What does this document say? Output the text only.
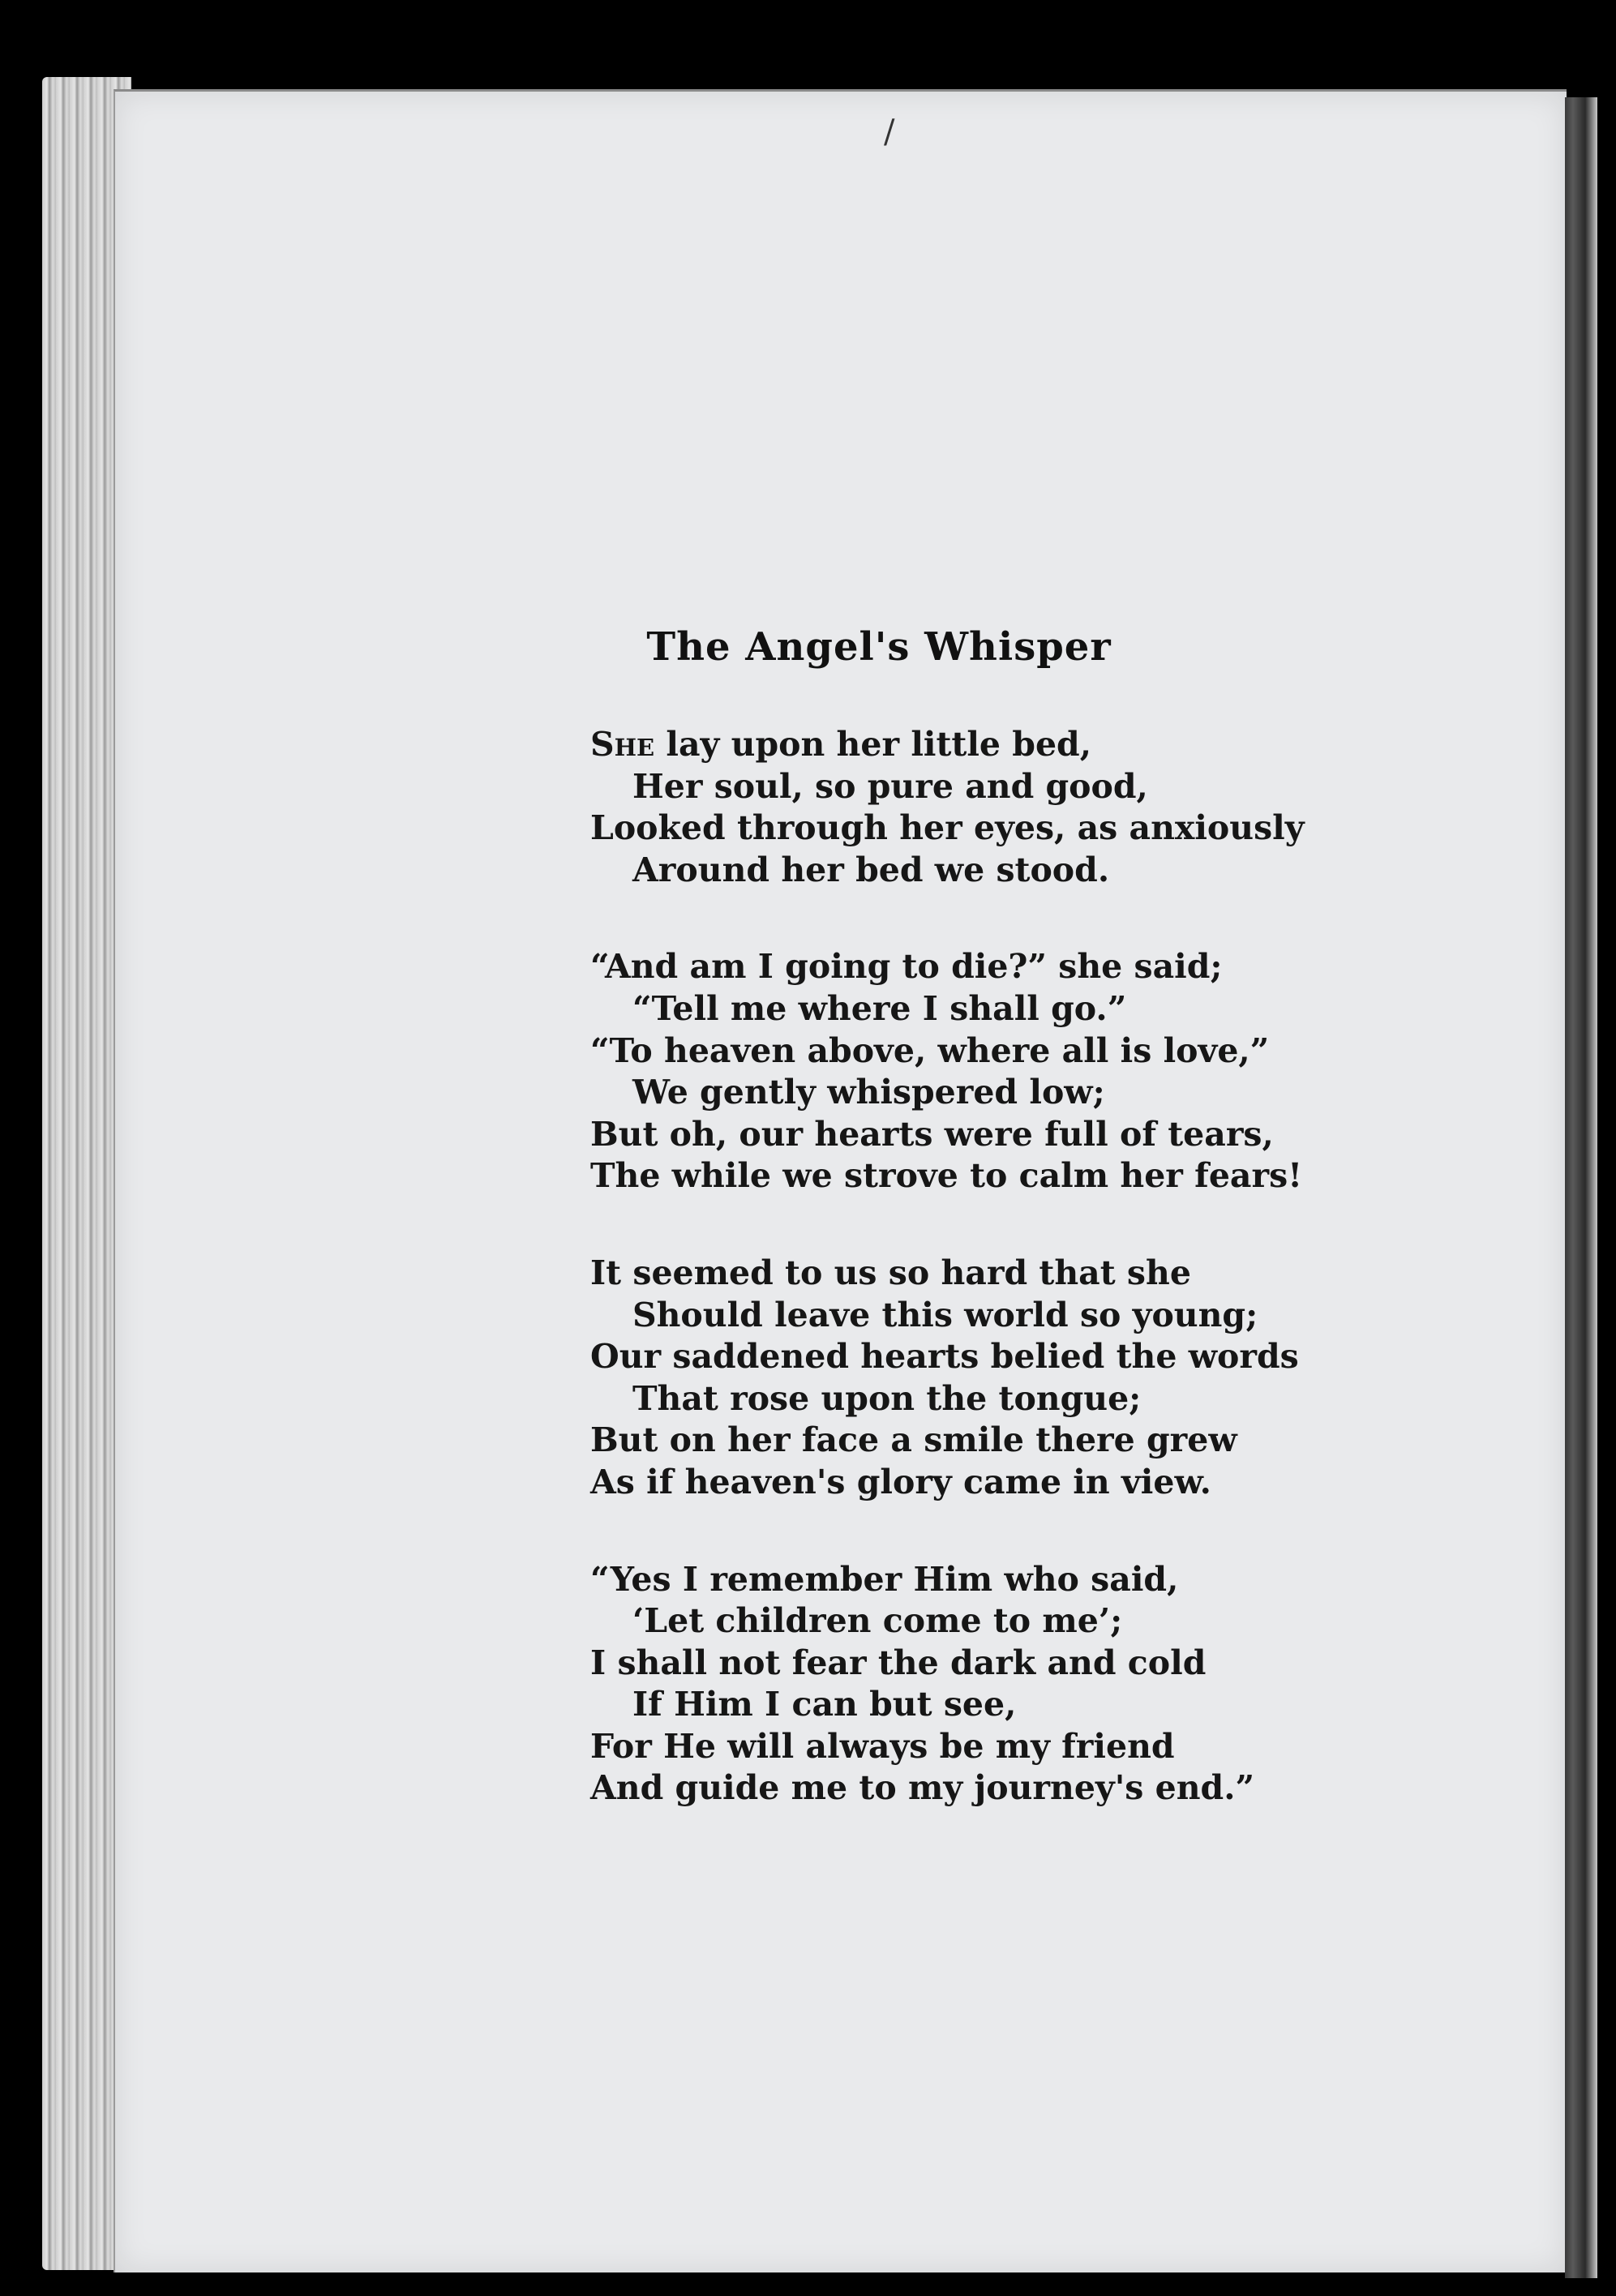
/
The Angel's Whisper
She lay upon her little bed,
Her soul, so pure and good,
Looked through her eyes, as anxiously
Around her bed we stood.
“And am I going to die?” she said;
“Tell me where I shall go.”
“To heaven above, where all is love,”
We gently whispered low;
But oh, our hearts were full of tears,
The while we strove to calm her fears!
It seemed to us so hard that she
Should leave this world so young;
Our saddened hearts belied the words
That rose upon the tongue;
But on her face a smile there grew
As if heaven's glory came in view.
“Yes I remember Him who said,
‘Let children come to me’;
I shall not fear the dark and cold
If Him I can but see,
For He will always be my friend
And guide me to my journey's end.”
